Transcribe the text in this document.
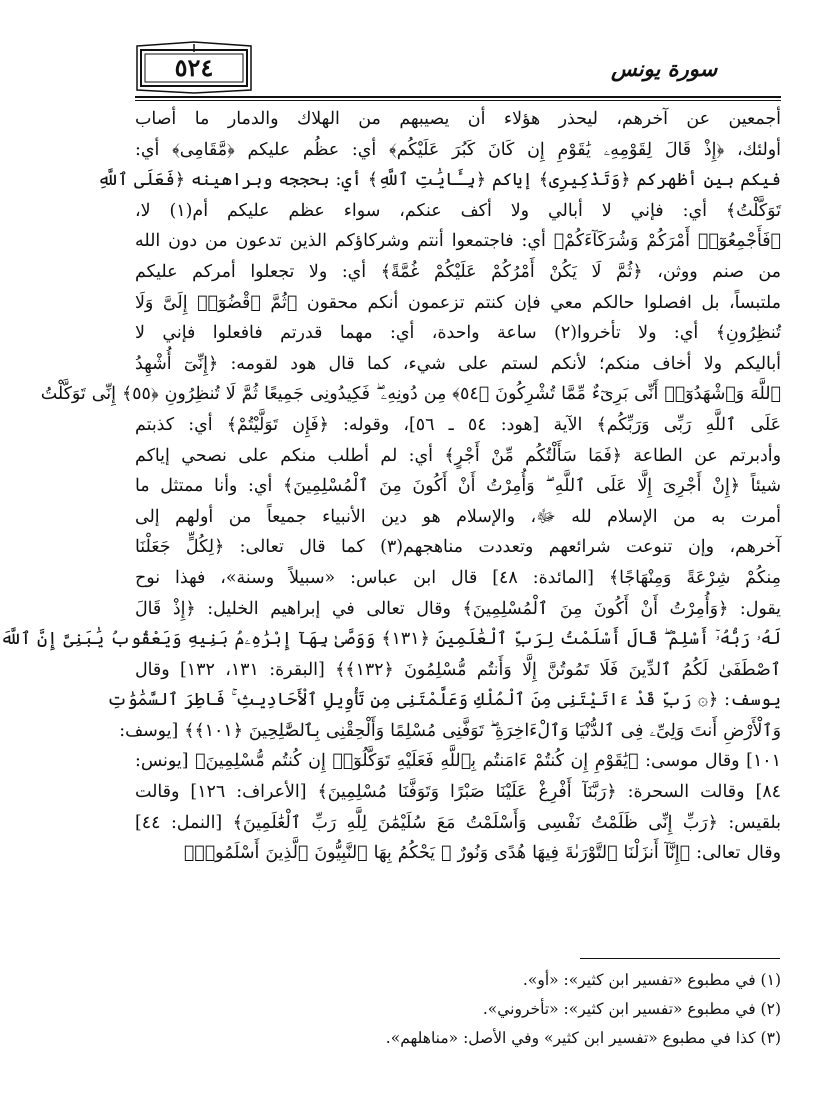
٥٢٤	سورة يونس
أجمعين عن آخرهم، ليحذر هؤلاء أن يصيبهم من الهلاك والدمار ما أصاب
أولئك، ﴿إِذْ قَالَ لِقَوْمِهِۦ يَٰقَوْمِ إِن كَانَ كَبُرَ عَلَيْكُم﴾ أي: عظُم عليكم ﴿مَّقَامِى﴾ أي:
فيكم بين أظهركم ﴿وَتَذْكِيرِى﴾ إياكم ﴿بِـَٔايَٰتِ ٱللَّهِ﴾ أي: بحججه وبراهينه ﴿فَعَلَى ٱللَّهِ
تَوَكَّلْتُ﴾ أي: فإني لا أبالي ولا أكف عنكم، سواء عظم عليكم أم(١) لا،
﴿فَأَجْمِعُوٓا۟ أَمْرَكُمْ وَشُرَكَآءَكُمْ﴾ أي: فاجتمعوا أنتم وشركاؤكم الذين تدعون من دون الله
من صنم ووثن، ﴿ثُمَّ لَا يَكُنْ أَمْرُكُمْ عَلَيْكُمْ غُمَّةً﴾ أي: ولا تجعلوا أمركم عليكم
ملتبساً، بل افصلوا حالكم معي فإن كنتم تزعمون أنكم محقون ﴿ثُمَّ ٱقْضُوٓا۟ إِلَىَّ وَلَا
تُنظِرُونِ﴾ أي: ولا تأخروا(٢) ساعة واحدة، أي: مهما قدرتم فافعلوا فإني لا
أباليكم ولا أخاف منكم؛ لأنكم لستم على شيء، كما قال هود لقومه: ﴿إِنِّىٓ أُشْهِدُ
ٱللَّهَ وَٱشْهَدُوٓا۟ أَنِّى بَرِىٓءٌ مِّمَّا تُشْرِكُونَ ﴿٥٤﴾ مِن دُونِهِۦ ۖ فَكِيدُونِى جَمِيعًا ثُمَّ لَا تُنظِرُونِ ﴿٥٥﴾ إِنِّى تَوَكَّلْتُ
عَلَى ٱللَّهِ رَبِّى وَرَبِّكُم﴾ الآية [هود: ٥٤ ـ ٥٦]، وقوله: ﴿فَإِن تَوَلَّيْتُمْ﴾ أي: كذبتم
وأدبرتم عن الطاعة ﴿فَمَا سَأَلْتُكُم مِّنْ أَجْرٍ﴾ أي: لم أطلب منكم على نصحي إياكم
شيئاً ﴿إِنْ أَجْرِىَ إِلَّا عَلَى ٱللَّهِ ۖ وَأُمِرْتُ أَنْ أَكُونَ مِنَ ٱلْمُسْلِمِينَ﴾ أي: وأنا ممتثل ما
أمرت به من الإسلام لله ﷻ، والإسلام هو دين الأنبياء جميعاً من أولهم إلى
آخرهم، وإن تنوعت شرائعهم وتعددت مناهجهم(٣) كما قال تعالى: ﴿لِكُلٍّ جَعَلْنَا
مِنكُمْ شِرْعَةً وَمِنْهَاجًا﴾ [المائدة: ٤٨] قال ابن عباس: «سبيلاً وسنة»، فهذا نوح
يقول: ﴿وَأُمِرْتُ أَنْ أَكُونَ مِنَ ٱلْمُسْلِمِينَ﴾ وقال تعالى في إبراهيم الخليل: ﴿إِذْ قَالَ
لَهُۥ رَبُّهُۥٓ أَسْلِمْ ۖ قَالَ أَسْلَمْتُ لِرَبِّ ٱلْعَٰلَمِينَ ﴿١٣١﴾ وَوَصَّىٰ بِهَآ إِبْرَٰهِۦمُ بَنِيهِ وَيَعْقُوبُ يَٰبَنِىَّ إِنَّ ٱللَّهَ
ٱصْطَفَىٰ لَكُمُ ٱلدِّينَ فَلَا تَمُوتُنَّ إِلَّا وَأَنتُم مُّسْلِمُونَ ﴿١٣٢﴾﴾ [البقرة: ١٣١، ١٣٢] وقال
يوسف: ﴿۞ رَبِّ قَدْ ءَاتَيْتَنِى مِنَ ٱلْمُلْكِ وَعَلَّمْتَنِى مِن تَأْوِيلِ ٱلْأَحَادِيثِ ۚ فَاطِرَ ٱلسَّمَٰوَٰتِ
وَٱلْأَرْضِ أَنتَ وَلِىِّۦ فِى ٱلدُّنْيَا وَٱلْءَاخِرَةِ ۖ تَوَفَّنِى مُسْلِمًا وَأَلْحِقْنِى بِٱلصَّٰلِحِينَ ﴿١٠١﴾﴾ [يوسف:
١٠١] وقال موسى: ﴿يَٰقَوْمِ إِن كُنتُمْ ءَامَنتُم بِٱللَّهِ فَعَلَيْهِ تَوَكَّلُوٓا۟ إِن كُنتُم مُّسْلِمِينَ﴾ [يونس:
٨٤] وقالت السحرة: ﴿رَبَّنَآ أَفْرِغْ عَلَيْنَا صَبْرًا وَتَوَفَّنَا مُسْلِمِينَ﴾ [الأعراف: ١٢٦] وقالت
بلقيس: ﴿رَبِّ إِنِّى ظَلَمْتُ نَفْسِى وَأَسْلَمْتُ مَعَ سُلَيْمَٰنَ لِلَّهِ رَبِّ ٱلْعَٰلَمِينَ﴾ [النمل: ٤٤]
وقال تعالى: ﴿إِنَّآ أَنزَلْنَا ٱلتَّوْرَىٰةَ فِيهَا هُدًى وَنُورٌ ۚ يَحْكُمُ بِهَا ٱلنَّبِيُّونَ ٱلَّذِينَ أَسْلَمُوا۟﴾
(١) في مطبوع «تفسير ابن كثير»: «أو».
(٢) في مطبوع «تفسير ابن كثير»: «تأخروني».
(٣) كذا في مطبوع «تفسير ابن كثير» وفي الأصل: «مناهلهم».
